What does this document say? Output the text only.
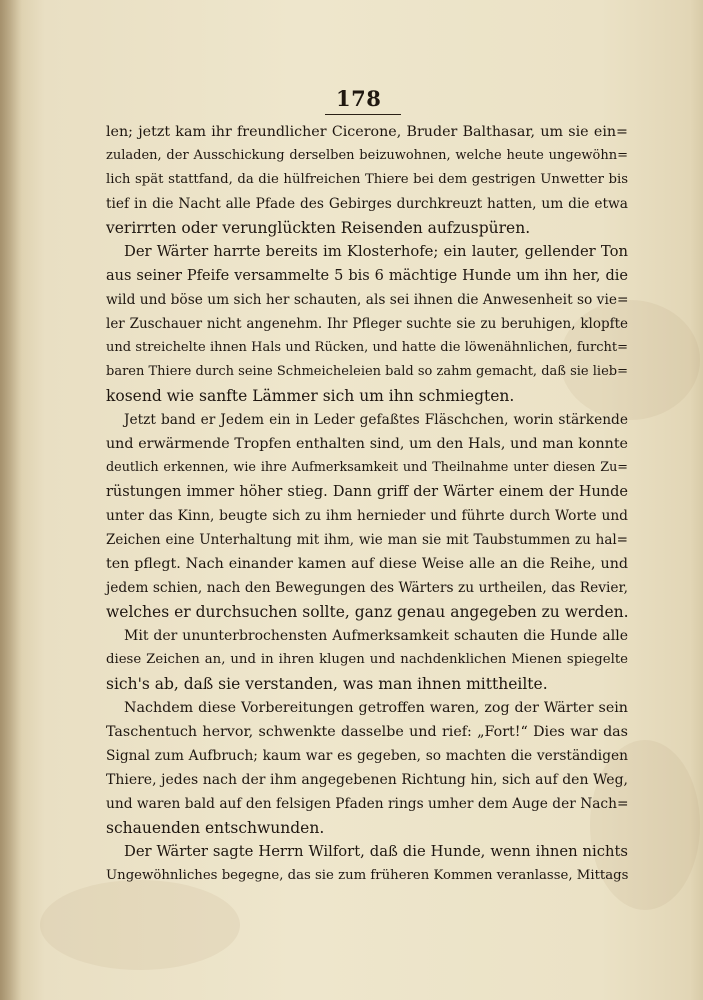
178
len; jetzt kam ihr freundlicher Cicerone, Bruder Balthasar, um sie ein=
zuladen, der Ausschickung derselben beizuwohnen, welche heute ungewöhn=
lich spät stattfand, da die hülfreichen Thiere bei dem gestrigen Unwetter bis
tief in die Nacht alle Pfade des Gebirges durchkreuzt hatten, um die etwa
verirrten oder verunglückten Reisenden aufzuspüren.
Der Wärter harrte bereits im Klosterhofe; ein lauter, gellender Ton
aus seiner Pfeife versammelte 5 bis 6 mächtige Hunde um ihn her, die
wild und böse um sich her schauten, als sei ihnen die Anwesenheit so vie=
ler Zuschauer nicht angenehm. Ihr Pfleger suchte sie zu beruhigen, klopfte
und streichelte ihnen Hals und Rücken, und hatte die löwenähnlichen, furcht=
baren Thiere durch seine Schmeicheleien bald so zahm gemacht, daß sie lieb=
kosend wie sanfte Lämmer sich um ihn schmiegten.
Jetzt band er Jedem ein in Leder gefaßtes Fläschchen, worin stärkende
und erwärmende Tropfen enthalten sind, um den Hals, und man konnte
deutlich erkennen, wie ihre Aufmerksamkeit und Theilnahme unter diesen Zu=
rüstungen immer höher stieg. Dann griff der Wärter einem der Hunde
unter das Kinn, beugte sich zu ihm hernieder und führte durch Worte und
Zeichen eine Unterhaltung mit ihm, wie man sie mit Taubstummen zu hal=
ten pflegt. Nach einander kamen auf diese Weise alle an die Reihe, und
jedem schien, nach den Bewegungen des Wärters zu urtheilen, das Revier,
welches er durchsuchen sollte, ganz genau angegeben zu werden.
Mit der ununterbrochensten Aufmerksamkeit schauten die Hunde alle
diese Zeichen an, und in ihren klugen und nachdenklichen Mienen spiegelte
sich's ab, daß sie verstanden, was man ihnen mittheilte.
Nachdem diese Vorbereitungen getroffen waren, zog der Wärter sein
Taschentuch hervor, schwenkte dasselbe und rief: „Fort!“ Dies war das
Signal zum Aufbruch; kaum war es gegeben, so machten die verständigen
Thiere, jedes nach der ihm angegebenen Richtung hin, sich auf den Weg,
und waren bald auf den felsigen Pfaden rings umher dem Auge der Nach=
schauenden entschwunden.
Der Wärter sagte Herrn Wilfort, daß die Hunde, wenn ihnen nichts
Ungewöhnliches begegne, das sie zum früheren Kommen veranlasse, Mittags
